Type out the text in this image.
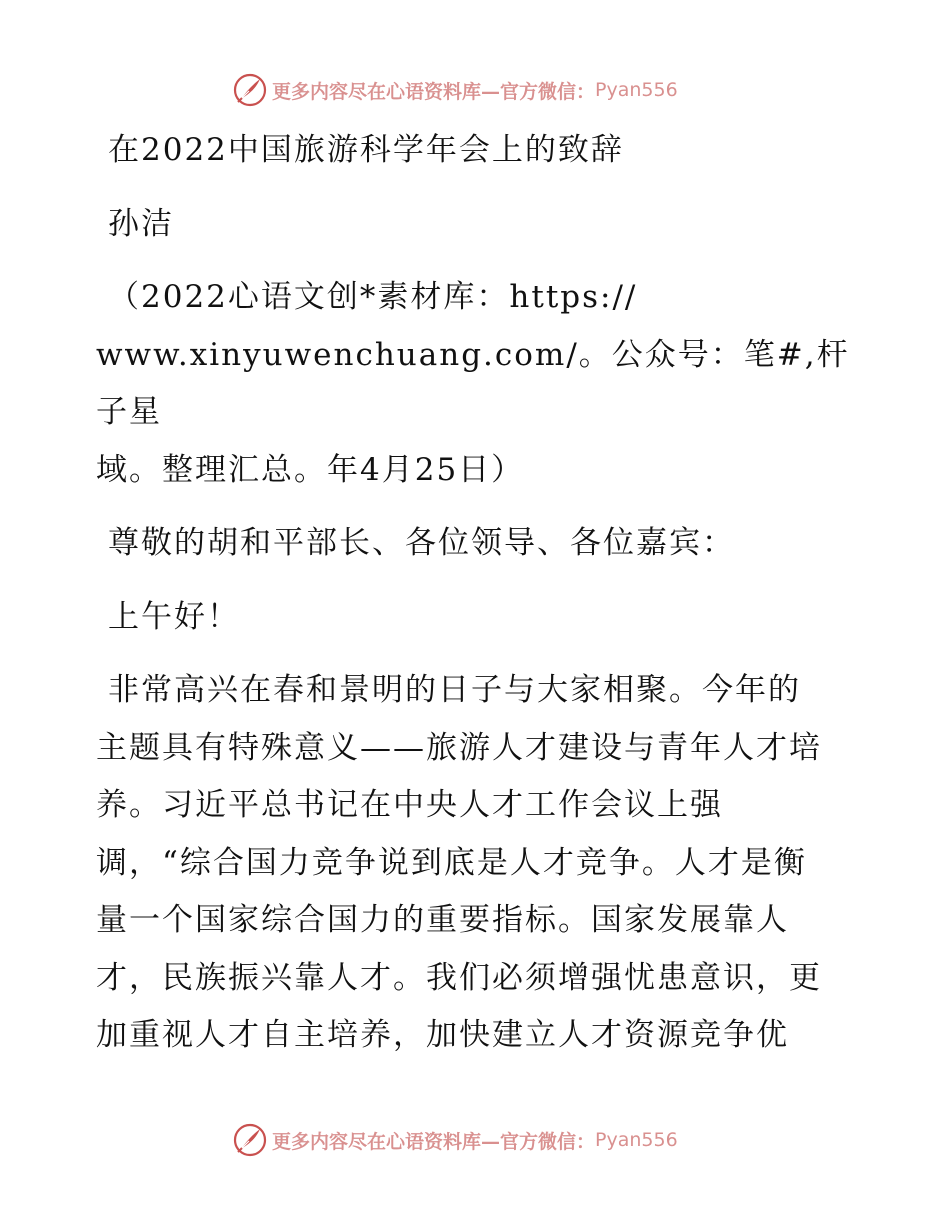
更多内容尽在心语资料库—官方微信： Pyan556
在2022中国旅游科学年会上的致辞
孙洁
（2022心语文创*素材库：https://
www.xinyuwenchuang.com/。公众号：笔#,杆子星
域。整理汇总。年4月25日）
尊敬的胡和平部长、各位领导、各位嘉宾：
上午好！
非常高兴在春和景明的日子与大家相聚。今年的
主题具有特殊意义——旅游人才建设与青年人才培
养。习近平总书记在中央人才工作会议上强
调，“综合国力竞争说到底是人才竞争。人才是衡
量一个国家综合国力的重要指标。国家发展靠人
才，民族振兴靠人才。我们必须增强忧患意识，更
加重视人才自主培养，加快建立人才资源竞争优
更多内容尽在心语资料库—官方微信： Pyan556
